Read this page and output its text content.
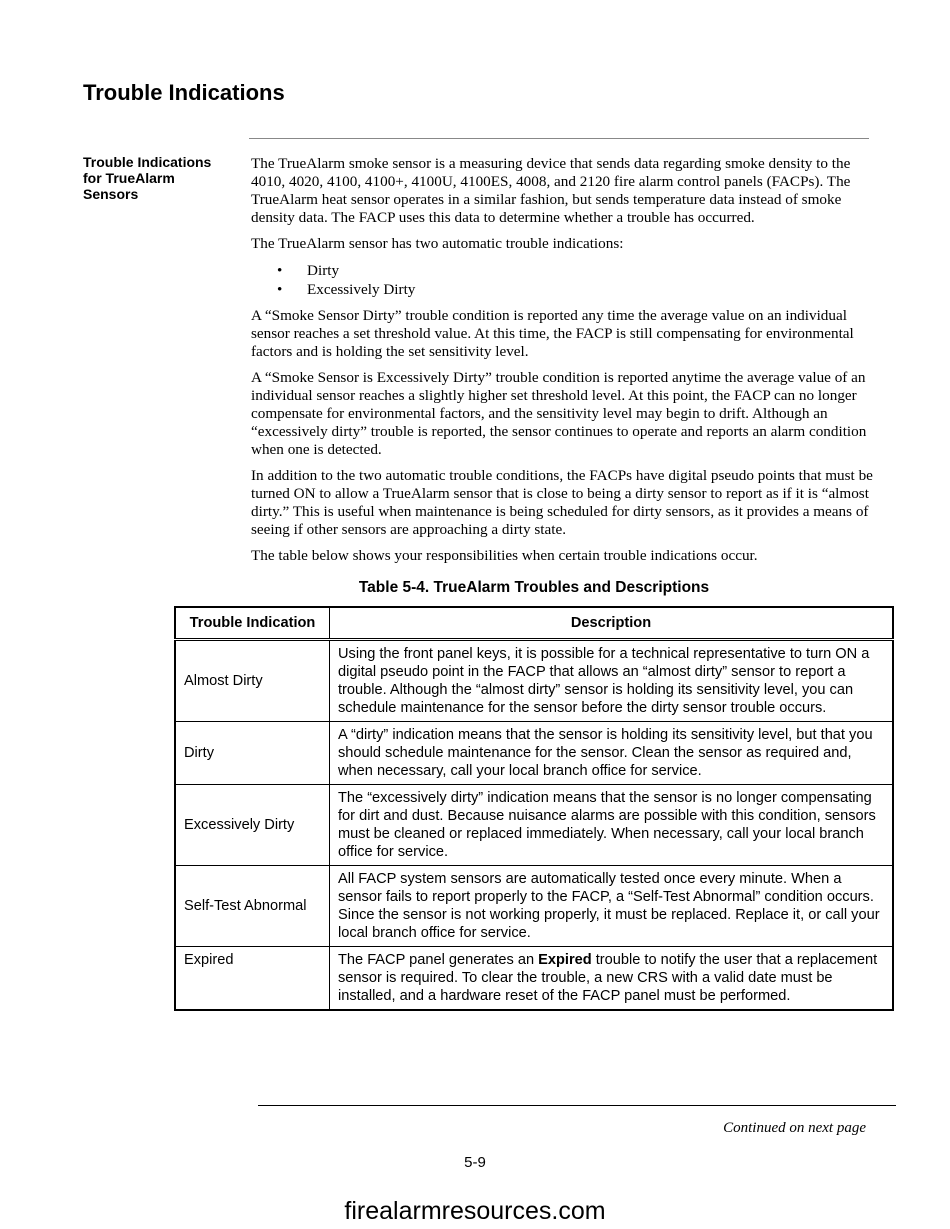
Trouble Indications
Trouble Indications for TrueAlarm Sensors

The TrueAlarm smoke sensor is a measuring device that sends data regarding smoke density to the 4010, 4020, 4100, 4100+, 4100U, 4100ES, 4008, and 2120 fire alarm control panels (FACPs). The TrueAlarm heat sensor operates in a similar fashion, but sends temperature data instead of smoke density data. The FACP uses this data to determine whether a trouble has occurred.

The TrueAlarm sensor has two automatic trouble indications:

• Dirty
• Excessively Dirty

A “Smoke Sensor Dirty” trouble condition is reported any time the average value on an individual sensor reaches a set threshold value. At this time, the FACP is still compensating for environmental factors and is holding the set sensitivity level.

A “Smoke Sensor is Excessively Dirty” trouble condition is reported anytime the average value of an individual sensor reaches a slightly higher set threshold level. At this point, the FACP can no longer compensate for environmental factors, and the sensitivity level may begin to drift. Although an “excessively dirty” trouble is reported, the sensor continues to operate and reports an alarm condition when one is detected.

In addition to the two automatic trouble conditions, the FACPs have digital pseudo points that must be turned ON to allow a TrueAlarm sensor that is close to being a dirty sensor to report as if it is “almost dirty.” This is useful when maintenance is being scheduled for dirty sensors, as it provides a means of seeing if other sensors are approaching a dirty state.

The table below shows your responsibilities when certain trouble indications occur.

Table 5-4. TrueAlarm Troubles and Descriptions
Trouble Indication	Description
Almost Dirty	Using the front panel keys, it is possible for a technical representative to turn ON a digital pseudo point in the FACP that allows an “almost dirty” sensor to report a trouble. Although the “almost dirty” sensor is holding its sensitivity level, you can schedule maintenance for the sensor before the dirty sensor trouble occurs.
Dirty	A “dirty” indication means that the sensor is holding its sensitivity level, but that you should schedule maintenance for the sensor. Clean the sensor as required and, when necessary, call your local branch office for service.
Excessively Dirty	The “excessively dirty” indication means that the sensor is no longer compensating for dirt and dust. Because nuisance alarms are possible with this condition, sensors must be cleaned or replaced immediately. When necessary, call your local branch office for service.
Self-Test Abnormal	All FACP system sensors are automatically tested once every minute. When a sensor fails to report properly to the FACP, a “Self-Test Abnormal” condition occurs. Since the sensor is not working properly, it must be replaced. Replace it, or call your local branch office for service.
Expired	The FACP panel generates an Expired trouble to notify the user that a replacement sensor is required. To clear the trouble, a new CRS with a valid date must be installed, and a hardware reset of the FACP panel must be performed.
Continued on next page
5-9
firealarmresources.com
